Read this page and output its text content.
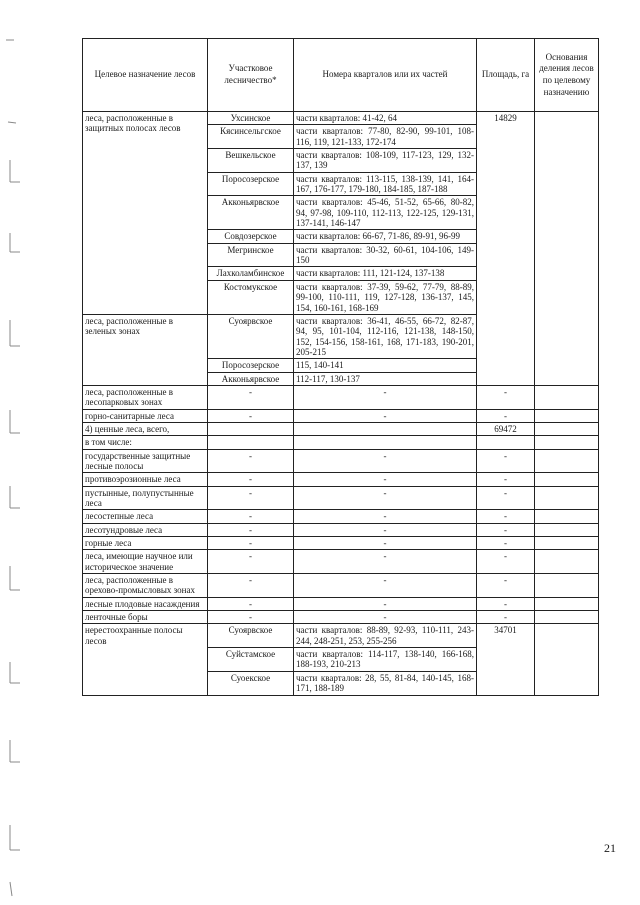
Целевое назначение лесов	Участковое лесничество*	Номера кварталов или их частей	Площадь, га	Основания деления лесов по целевому назначению
леса, расположенные в защитных полосах лесов	Ухсинское	части кварталов: 41-42, 64	14829	
	Кясинсельгское	части кварталов: 77-80, 82-90, 99-101, 108-116, 119, 121-133, 172-174		
	Вешкельское	части кварталов: 108-109, 117-123, 129, 132-137, 139		
	Поросозерское	части кварталов: 113-115, 138-139, 141, 164-167, 176-177, 179-180, 184-185, 187-188		
	Акконьярвское	части кварталов: 45-46, 51-52, 65-66, 80-82, 94, 97-98, 109-110, 112-113, 122-125, 129-131, 137-141, 146-147		
	Совдозерское	части кварталов: 66-67, 71-86, 89-91, 96-99		
	Мегринское	части кварталов: 30-32, 60-61, 104-106, 149-150		
	Лахколамбинское	части кварталов: 111, 121-124, 137-138		
	Костомукское	части кварталов: 37-39, 59-62, 77-79, 88-89, 99-100, 110-111, 119, 127-128, 136-137, 145, 154, 160-161, 168-169		
леса, расположенные в зеленых зонах	Суоярвское	части кварталов: 36-41, 46-55, 66-72, 82-87, 94, 95, 101-104, 112-116, 121-138, 148-150, 152, 154-156, 158-161, 168, 171-183, 190-201, 205-215		
	Поросозерское	115, 140-141		
	Акконьярвское	112-117, 130-137		
леса, расположенные в лесопарковых зонах	-	-	-	
горно-санитарные леса	-	-	-	
4) ценные леса, всего,			69472	
в том числе:				
государственные защитные лесные полосы	-	-	-	
противоэрозионные леса	-	-	-	
пустынные, полупустынные леса	-	-	-	
лесостепные леса	-	-	-	
лесотундровые леса	-	-	-	
горные леса	-	-	-	
леса, имеющие научное или историческое значение	-	-	-	
леса, расположенные в орехово-промысловых зонах	-	-	-	
лесные плодовые насаждения	-	-	-	
ленточные боры	-	-	-	
нерестоохранные полосы лесов	Суоярвское	части кварталов: 88-89, 92-93, 110-111, 243-244, 248-251, 253, 255-256	34701	
	Суйстамское	части кварталов: 114-117, 138-140, 166-168, 188-193, 210-213		
	Суоекское	части кварталов: 28, 55, 81-84, 140-145, 168-171, 188-189		
21
